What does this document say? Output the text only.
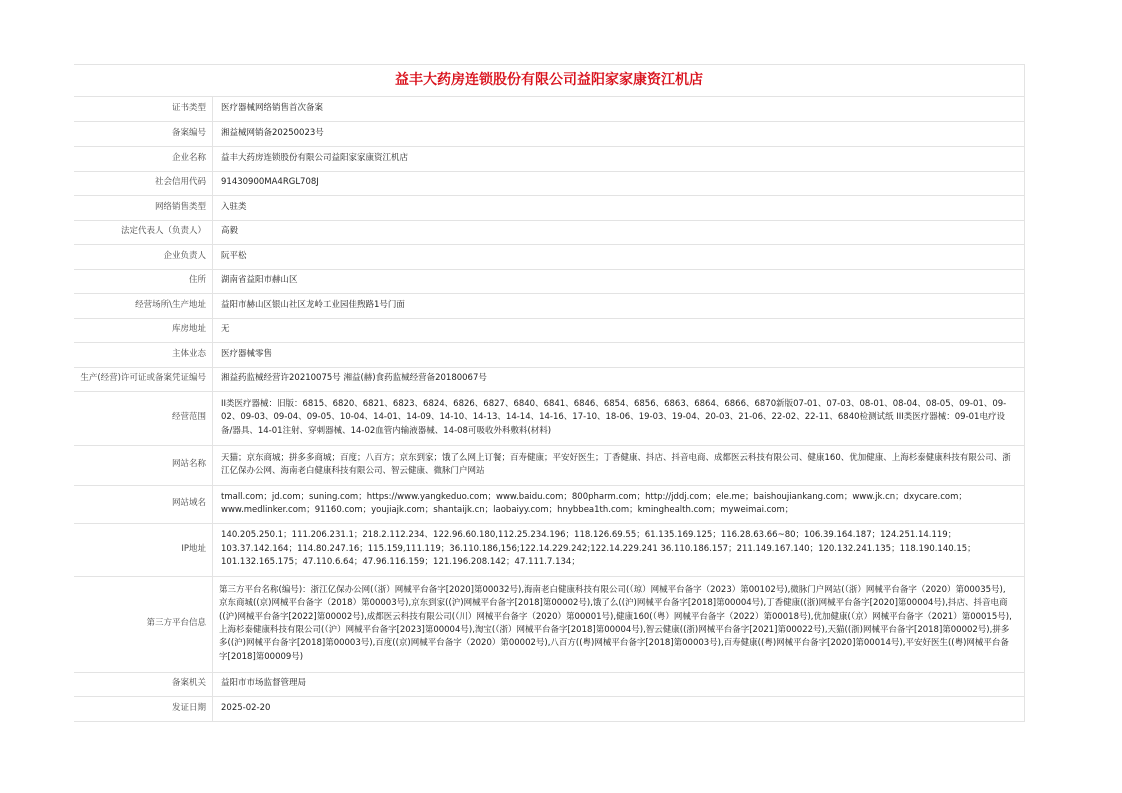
益丰大药房连锁股份有限公司益阳家家康资江机店
证书类型	医疗器械网络销售首次备案
备案编号	湘益械网销备20250023号
企业名称	益丰大药房连锁股份有限公司益阳家家康资江机店
社会信用代码	91430900MA4RGL708J
网络销售类型	入驻类
法定代表人（负责人）	高毅
企业负责人	阮平松
住所	湖南省益阳市赫山区
经营场所\生产地址	益阳市赫山区银山社区龙岭工业园佳煦路1号门面
库房地址	无
主体业态	医疗器械零售
生产(经营)许可证或备案凭证编号	湘益药监械经营许20210075号 湘益(赫)食药监械经营备20180067号
经营范围	II类医疗器械：旧版：6815、6820、6821、6823、6824、6826、6827、6840、6841、6846、6854、6856、6863、6864、6866、6870新版07-01、07-03、08-01、08-04、08-05、09-01、09-02、09-03、09-04、09-05、10-04、14-01、14-09、14-10、14-13、14-14、14-16、17-10、18-06、19-03、19-04、20-03、21-06、22-02、22-11、6840检测试纸 III类医疗器械：09-01电疗设备/器具、14-01注射、穿刺器械、14-02血管内输液器械、14-08可吸收外科敷料(材料)
网站名称	天猫；京东商城；拼多多商城；百度；八百方；京东到家；饿了么网上订餐；百寿健康；平安好医生；丁香健康、抖店、抖音电商、成都医云科技有限公司、健康160、优加健康、上海杉泰健康科技有限公司、浙江亿保办公网、海南老白健康科技有限公司、智云健康、微脉门户网站
网站域名	tmall.com；jd.com；suning.com；https://www.yangkeduo.com；www.baidu.com；800pharm.com；http://jddj.com；ele.me；baishoujiankang.com；www.jk.cn；dxycare.com；www.medlinker.com；91160.com；youjiajk.com；shantaijk.cn；laobaiyy.com；hnybbea1th.com；kminghealth.com；myweimai.com；
IP地址	140.205.250.1；111.206.231.1；218.2.112.234、122.96.60.180,112.25.234.196；118.126.69.55；61.135.169.125；116.28.63.66~80；106.39.164.187；124.251.14.119；103.37.142.164；114.80.247.16；115.159,111.119；36.110.186,156;122.14.229.242;122.14.229.241 36.110.186.157；211.149.167.140；120.132.241.135；118.190.140.15；101.132.165.175；47.110.6.64；47.96.116.159；121.196.208.142；47.111.7.134；
第三方平台信息	第三方平台名称(编号)：浙江亿保办公网(（浙）网械平台备字[2020]第00032号),海南老白健康科技有限公司(（琼）网械平台备字（2023）第00102号),微脉门户网站(（浙）网械平台备字（2020）第00035号),京东商城((京)网械平台备字（2018）第00003号),京东到家((沪)网械平台备字[2018]第00002号),饿了么((沪)网械平台备字[2018]第00004号),丁香健康((浙)网械平台备字[2020]第00004号),抖店、抖音电商((沪)网械平台备字[2022]第00002号),成都医云科技有限公司(（川）网械平台备字（2020）第00001号),健康160(（粤）网械平台备字（2022）第00018号),优加健康(（京）网械平台备字（2021）第00015号),上海杉泰健康科技有限公司(（沪）网械平台备字[2023]第00004号),淘宝(（浙）网械平台备字[2018]第00004号),智云健康((浙)网械平台备字[2021]第00022号),天猫((浙)网械平台备字[2018]第00002号),拼多多((沪)网械平台备字[2018]第00003号),百度((京)网械平台备字（2020）第00002号),八百方((粤)网械平台备字[2018]第00003号),百寿健康((粤)网械平台备字[2020]第00014号),平安好医生((粤)网械平台备字[2018]第00009号)
备案机关	益阳市市场监督管理局
发证日期	2025-02-20
